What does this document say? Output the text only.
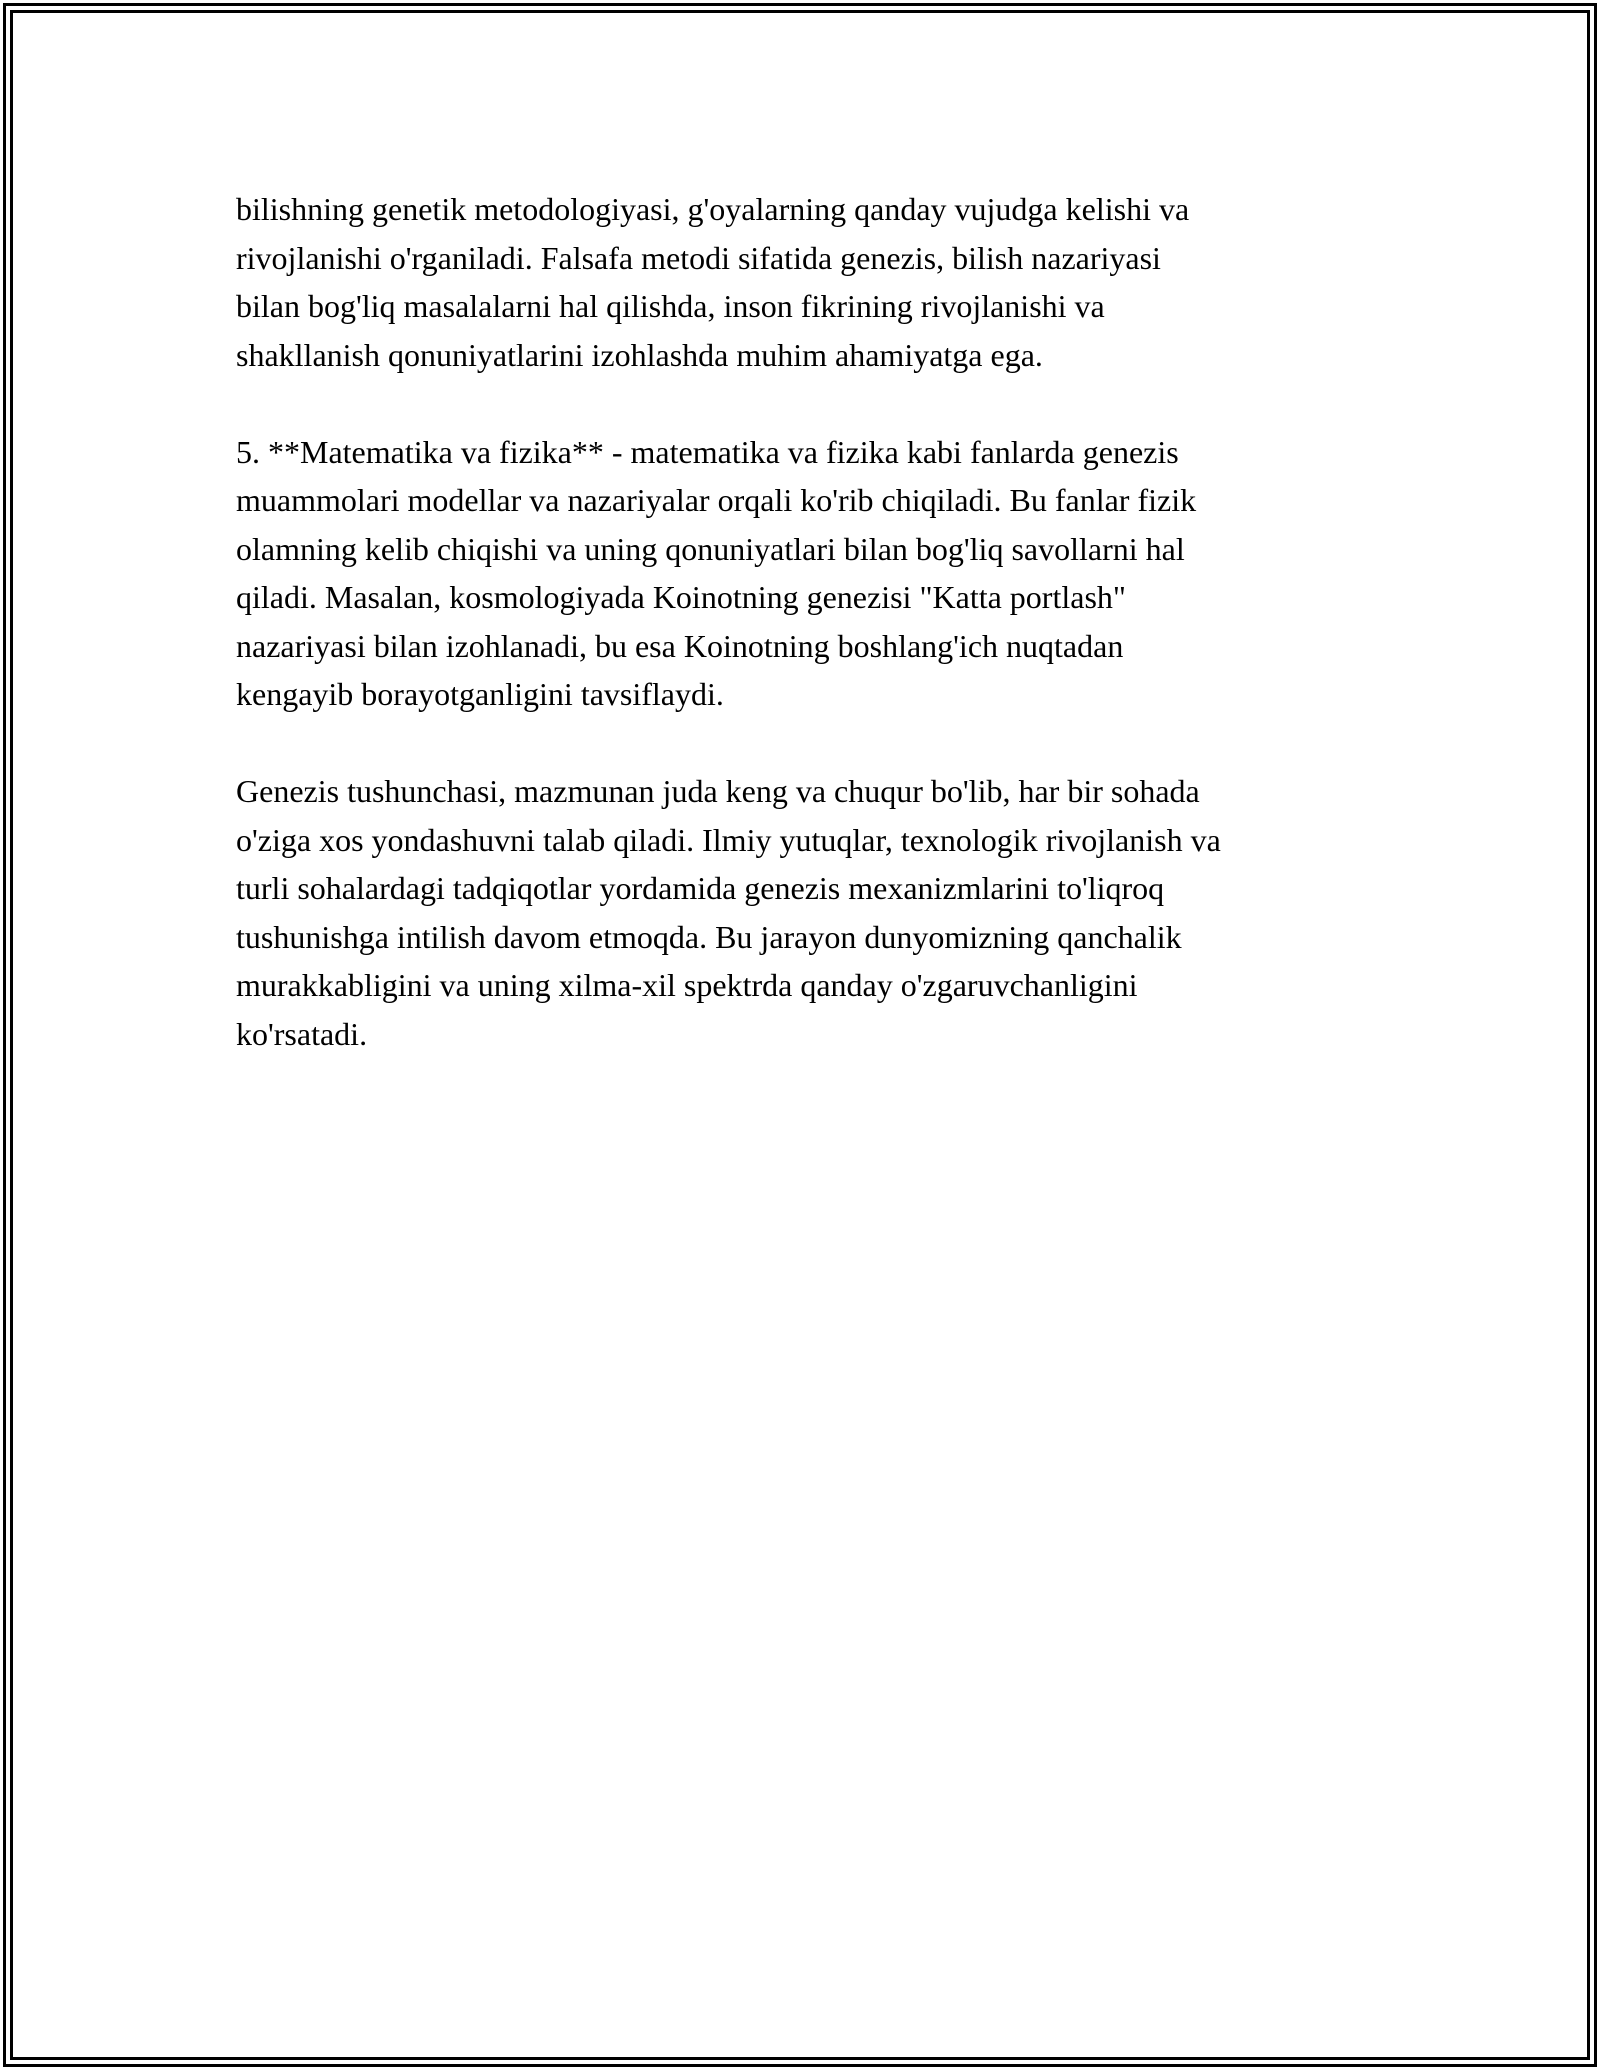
bilishning genetik metodologiyasi, g'oyalarning qanday vujudga kelishi va
rivojlanishi o'rganiladi. Falsafa metodi sifatida genezis, bilish nazariyasi
bilan bog'liq masalalarni hal qilishda, inson fikrining rivojlanishi va
shakllanish qonuniyatlarini izohlashda muhim ahamiyatga ega.

5. **Matematika va fizika** - matematika va fizika kabi fanlarda genezis
muammolari modellar va nazariyalar orqali ko'rib chiqiladi. Bu fanlar fizik
olamning kelib chiqishi va uning qonuniyatlari bilan bog'liq savollarni hal
qiladi. Masalan, kosmologiyada Koinotning genezisi "Katta portlash"
nazariyasi bilan izohlanadi, bu esa Koinotning boshlang'ich nuqtadan
kengayib borayotganligini tavsiflaydi.

Genezis tushunchasi, mazmunan juda keng va chuqur bo'lib, har bir sohada
o'ziga xos yondashuvni talab qiladi. Ilmiy yutuqlar, texnologik rivojlanish va
turli sohalardagi tadqiqotlar yordamida genezis mexanizmlarini to'liqroq
tushunishga intilish davom etmoqda. Bu jarayon dunyomizning qanchalik
murakkabligini va uning xilma-xil spektrda qanday o'zgaruvchanligini
ko'rsatadi.
